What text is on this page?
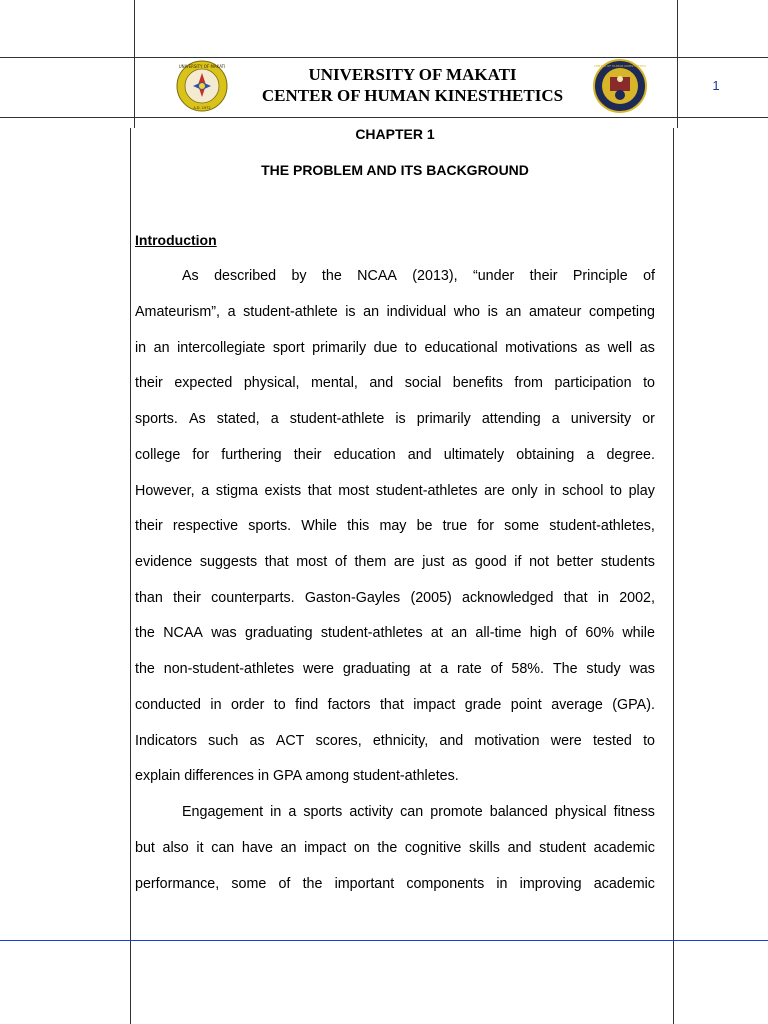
UNIVERSITY OF MAKATI
A.D. 1972
UNIVERSITY OF MAKATI
CENTER OF HUMAN KINESTHETICS
CENTER OF HUMAN KINESTHETICS
1
CHAPTER 1
THE PROBLEM AND ITS BACKGROUND
Introduction
As described by the NCAA (2013), “under their Principle of
Amateurism”, a student-athlete is an individual who is an amateur competing
in an intercollegiate sport primarily due to educational motivations as well as
their expected physical, mental, and social benefits from participation to
sports. As stated, a student-athlete is primarily attending a university or
college for furthering their education and ultimately obtaining a degree.
However, a stigma exists that most student-athletes are only in school to play
their respective sports. While this may be true for some student-athletes,
evidence suggests that most of them are just as good if not better students
than their counterparts. Gaston-Gayles (2005) acknowledged that in 2002,
the NCAA was graduating student-athletes at an all-time high of 60% while
the non-student-athletes were graduating at a rate of 58%. The study was
conducted in order to find factors that impact grade point average (GPA).
Indicators such as ACT scores, ethnicity, and motivation were tested to
explain differences in GPA among student-athletes.
Engagement in a sports activity can promote balanced physical fitness
but also it can have an impact on the cognitive skills and student academic
performance, some of the important components in improving academic
